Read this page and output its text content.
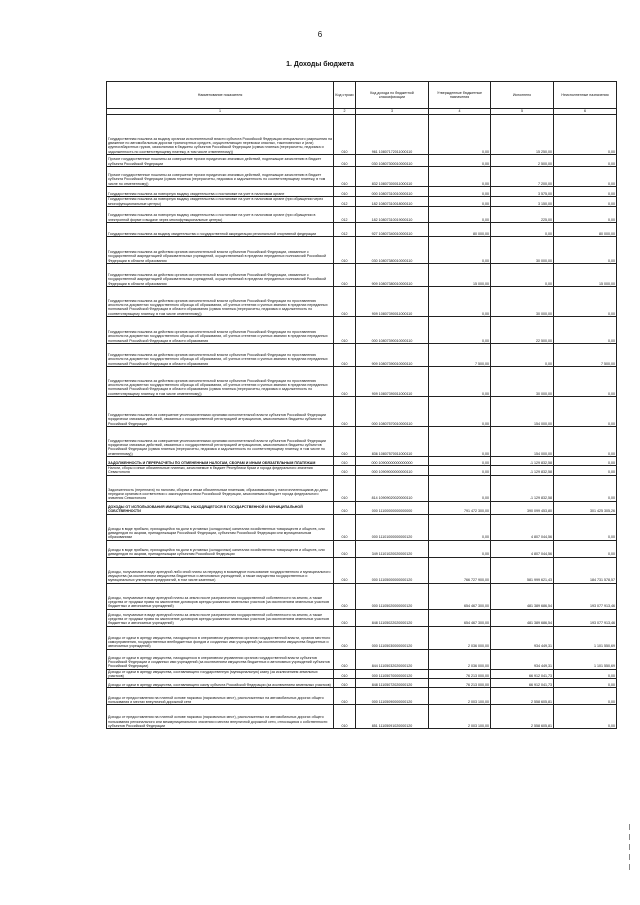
6
1. Доходы бюджета
Наименование показателя	Код строки	Код дохода по бюджетной классификации	Утвержденные бюджетные назначения	Исполнено	Неисполненные назначения
1	2	3	4	5	6
Государственная пошлина за выдачу органом исполнительной власти субъекта Российской Федерации специального разрешения на движение по автомобильным дорогам транспортных средств, осуществляющих перевозки опасных, тяжеловесных и (или) крупногабаритных грузов, зачисляемая в бюджеты субъектов Российской Федерации (сумма платежа (перерасчеты, недоимка и задолженность по соответствующему платежу, в том числе отмененному))	010	961 10807172011000110	0,00	15 250,00	0,00
Прочие государственные пошлины за совершение прочих юридически значимых действий, подлежащие зачислению в бюджет субъекта Российской Федерации	010	030 10807300010000110	0,00	2 500,00	0,00
Прочие государственные пошлины за совершение прочих юридически значимых действий, подлежащие зачислению в бюджет субъекта Российской Федерации (сумма платежа (перерасчеты, недоимка и задолженность по соответствующему платежу, в том числе по отмененному))	010	832 10807300011000110	0,00	7 200,00	0,00
Государственная пошлина за повторную выдачу свидетельства о постановке на учет в налоговом органе	010	000 10807310010000110	0,00	3 575,00	0,00
Государственная пошлина за повторную выдачу свидетельства о постановке на учет в налоговом органе (при обращении через многофункциональные центры)	012	182 10807310018000110	0,00	3 150,00	0,00
Государственная пошлина за повторную выдачу свидетельства о постановке на учет в налоговом органе (при обращении в электронной форме и выдаче через многофункциональные центры)	012	182 10807310019000110	0,00	225,00	0,00
Государственная пошлина за выдачу свидетельства о государственной аккредитации региональной спортивной федерации	012	927 10807340010000110	80 000,00	0,00	80 000,00
Государственная пошлина за действия органов исполнительной власти субъектов Российской Федерации, связанные с государственной аккредитацией образовательных учреждений, осуществляемой в пределах переданных полномочий Российской Федерации в области образования	010	030 10807380010000110	0,00	30 000,00	0,00
Государственная пошлина за действия органов исполнительной власти субъектов Российской Федерации, связанные с государственной аккредитацией образовательных учреждений, осуществляемой в пределах переданных полномочий Российской Федерации в области образования	010	909 10807380010000110	15 000,00	0,00	15 000,00
Государственная пошлина за действия органов исполнительной власти субъектов Российской Федерации по проставлению апостиля на документах государственного образца об образовании, об ученых степенях и ученых званиях в пределах переданных полномочий Российской Федерации в области образования (сумма платежа (перерасчеты, недоимка и задолженность по соответствующему платежу, в том числе отмененному))	010	909 10807390011000110	0,00	30 000,00	0,00
Государственная пошлина за действия органов исполнительной власти субъектов Российской Федерации по проставлению апостиля на документах государственного образца об образовании, об ученых степенях и ученых званиях в пределах переданных полномочий Российской Федерации в области образования	010	000 10807390010000110	0,00	22 500,00	0,00
Государственная пошлина за действия органов исполнительной власти субъектов Российской Федерации по проставлению апостиля на документах государственного образца об образовании, об ученых степенях и ученых званиях в пределах переданных полномочий Российской Федерации в области образования	010	909 10807390010000110	7 500,00	0,00	7 500,00
Государственная пошлина за действия органов исполнительной власти субъектов Российской Федерации по проставлению апостиля на документах государственного образца об образовании, об ученых степенях и ученых званиях в пределах переданных полномочий Российской Федерации в области образования (сумма платежа (перерасчеты, недоимка и задолженность по соответствующему платежу, в том числе отмененному))	010	909 10807390011000110	0,00	30 000,00	0,00
Государственная пошлина за совершение уполномоченными органами исполнительной власти субъектов Российской Федерации юридически значимых действий, связанных с государственной регистрацией аттракционов, зачисляемая в бюджеты субъектов Российской Федерации	010	000 10807570010000110	0,00	154 000,00	0,00
Государственная пошлина за совершение уполномоченными органами исполнительной власти субъектов Российской Федерации юридически значимых действий, связанных с государственной регистрацией аттракционов, зачисляемая в бюджеты субъектов Российской Федерации (сумма платежа (перерасчеты, недоимка и задолженность по соответствующему платежу, в том числе по отмененному))	010	836 10807570011000110	0,00	154 000,00	0,00
ЗАДОЛЖЕННОСТЬ И ПЕРЕРАСЧЕТЫ ПО ОТМЕНЕННЫМ НАЛОГАМ, СБОРАМ И ИНЫМ ОБЯЗАТЕЛЬНЫМ ПЛАТЕЖАМ	010	000 10900000000000000	0,00	-1 129 832,58	0,00
Налоги, сборы и иные обязательные платежи, зачисляемые в бюджет Республики Крым и города федерального значения Севастополя	010	000 10909000000000110	0,00	-1 129 832,58	0,00
Задолженность (переплата) по налогам, сборам и иным обязательным платежам, образовавшаяся у налогоплательщиков до даты передачи органам в соответствии с законодательством Российской Федерации, зачисляемая в бюджет города федерального значения Севастополя	010	814 10909020020000110	0,00	-1 129 832,58	0,00
ДОХОДЫ ОТ ИСПОЛЬЗОВАНИЯ ИМУЩЕСТВА, НАХОДЯЩЕГОСЯ В ГОСУДАРСТВЕННОЙ И МУНИЦИПАЛЬНОЙ СОБСТВЕННОСТИ	010	000 11100000000000000	791 472 300,00	390 099 453,80	301 425 305,26
Доходы в виде прибыли, приходящейся на доли в уставных (складочных) капиталах хозяйственных товариществ и обществ, или дивидендов по акциям, принадлежащим Российской Федерации, субъектам Российской Федерации или муниципальным образованиям	010	000 11101000000000120	0,00	4 807 044,56	0,00
Доходы в виде прибыли, приходящейся на доли в уставных (складочных) капиталах хозяйственных товариществ и обществ, или дивидендов по акциям, принадлежащим субъектам Российской Федерации	010	349 11101020020000120	0,00	4 807 044,56	0,00
Доходы, получаемые в виде арендной либо иной платы за передачу в возмездное пользование государственного и муниципального имущества (за исключением имущества бюджетных и автономных учреждений, а также имущества государственных и муниципальных унитарных предприятий, в том числе казенных)	010	000 11105000000000120	766 727 900,00	581 999 621,43	184 731 578,57
Доходы, получаемые в виде арендной платы за земли после разграничения государственной собственности на землю, а также средства от продажи права на заключение договоров аренды указанных земельных участков (за исключением земельных участков бюджетных и автономных учреждений)	010	000 11105020000000120	654 467 300,00	481 389 686,54	193 077 913,46
Доходы, получаемые в виде арендной платы за земли после разграничения государственной собственности на землю, а также средства от продажи права на заключение договоров аренды указанных земельных участков (за исключением земельных участков бюджетных и автономных учреждений)	010	848 11105022020000120	654 467 300,00	481 389 686,54	193 077 913,46
Доходы от сдачи в аренду имущества, находящегося в оперативном управлении органов государственной власти, органов местного самоуправления, государственных внебюджетных фондов и созданных ими учреждений (за исключением имущества бюджетных и автономных учреждений)	010	000 11105030000000120	2 036 000,00	934 449,31	1 101 550,69
Доходы от сдачи в аренду имущества, находящегося в оперативном управлении органов государственной власти субъектов Российской Федерации и созданных ими учреждений (за исключением имущества бюджетных и автономных учреждений субъектов Российской Федерации)	010	844 11105032020000120	2 036 000,00	934 449,31	1 101 550,69
Доходы от сдачи в аренду имущества, составляющего государственную (муниципальную) казну (за исключением земельных участков)	010	000 11105070000000120	76 213 000,00	66 912 041,73	0,00
Доходы от сдачи в аренду имущества, составляющего казну субъекта Российской Федерации (за исключением земельных участков)	010	848 11105072020000120	76 213 000,00	66 912 041,73	0,00
Доходы от предоставления на платной основе парковок (парковочных мест), расположенных на автомобильных дорогах общего пользования и местах внеуличной дорожной сети	010	000 11105090000000120	2 003 100,00	2 558 605,81	0,00
Доходы от предоставления на платной основе парковок (парковочных мест), расположенных на автомобильных дорогах общего пользования регионального или межмуниципального значения и местах внеуличной дорожной сети, относящихся к собственности субъектов Российской Федерации	010	851 11105091020000120	2 003 100,00	2 558 605,81	0,00
